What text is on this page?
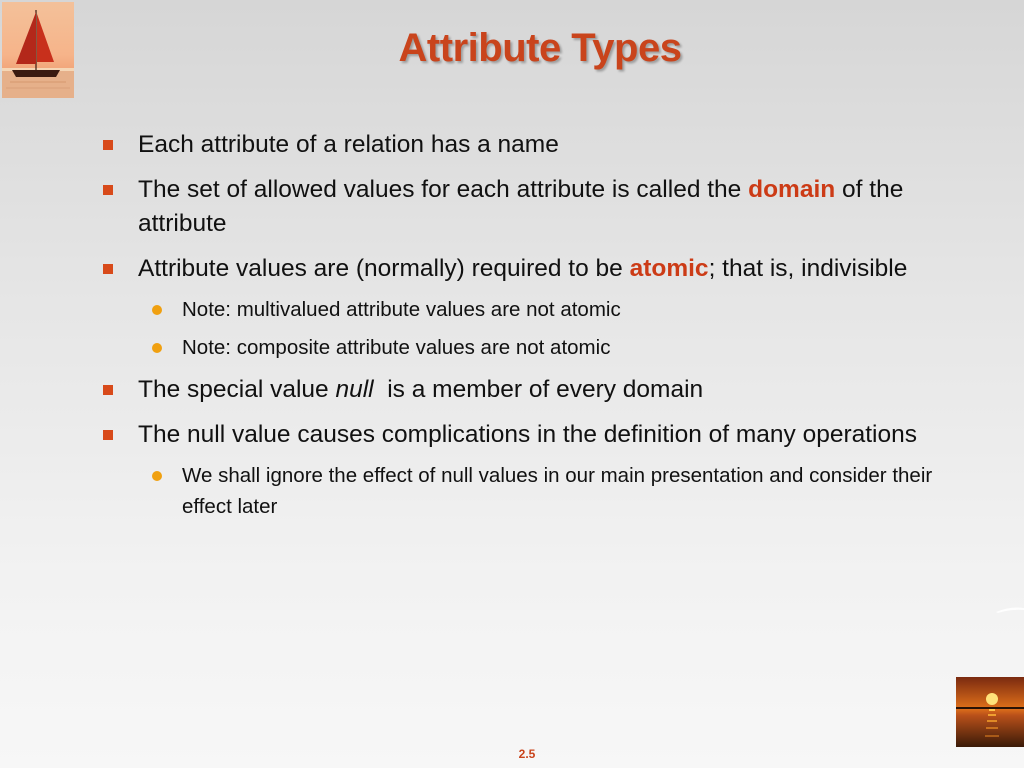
Attribute Types
Each attribute of a relation has a name
The set of allowed values for each attribute is called the domain of the attribute
Attribute values are (normally) required to be atomic; that is, indivisible
Note: multivalued attribute values are not atomic
Note: composite attribute values are not atomic
The special value null  is a member of every domain
The null value causes complications in the definition of many operations
We shall ignore the effect of null values in our main presentation and consider their effect later
2.5
